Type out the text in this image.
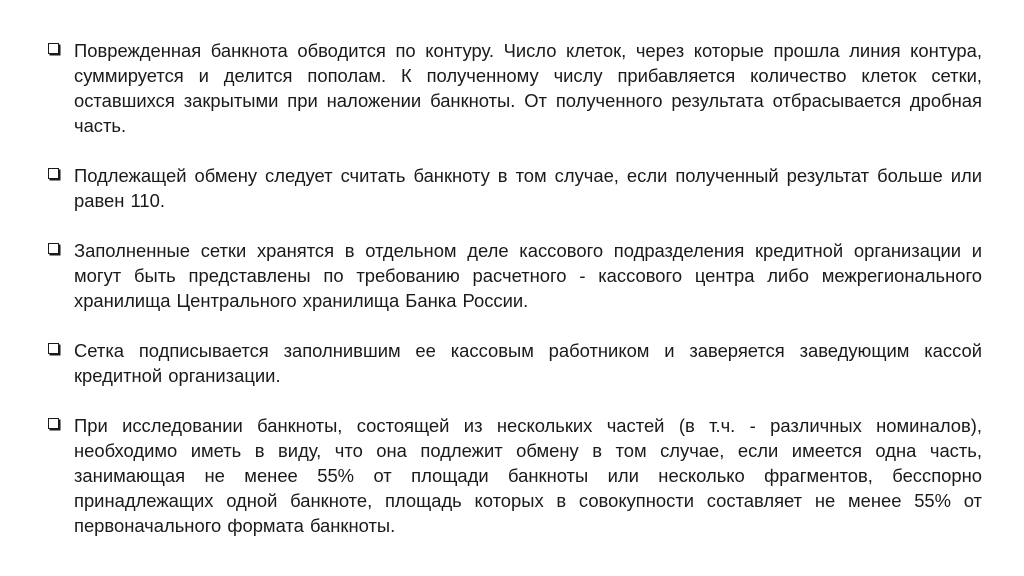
Поврежденная банкнота обводится по контуру. Число клеток, через которые прошла линия контура, суммируется и делится пополам. К полученному числу прибавляется количество клеток сетки, оставшихся закрытыми при наложении банкноты. От полученного результата отбрасывается дробная часть.
Подлежащей обмену следует считать банкноту в том случае, если полученный результат больше или равен 110.
Заполненные сетки хранятся в отдельном деле кассового подразделения кредитной организации и могут быть представлены по требованию расчетного - кассового центра либо межрегионального хранилища Центрального хранилища Банка России.
Сетка подписывается заполнившим ее кассовым работником и заверяется заведующим кассой кредитной организации.
При исследовании банкноты, состоящей из нескольких частей (в т.ч. - различных номиналов), необходимо иметь в виду, что она подлежит обмену в том случае, если имеется одна часть, занимающая не менее 55% от площади банкноты или несколько фрагментов, бесспорно принадлежащих одной банкноте, площадь которых в совокупности составляет не менее 55% от первоначального формата банкноты.
